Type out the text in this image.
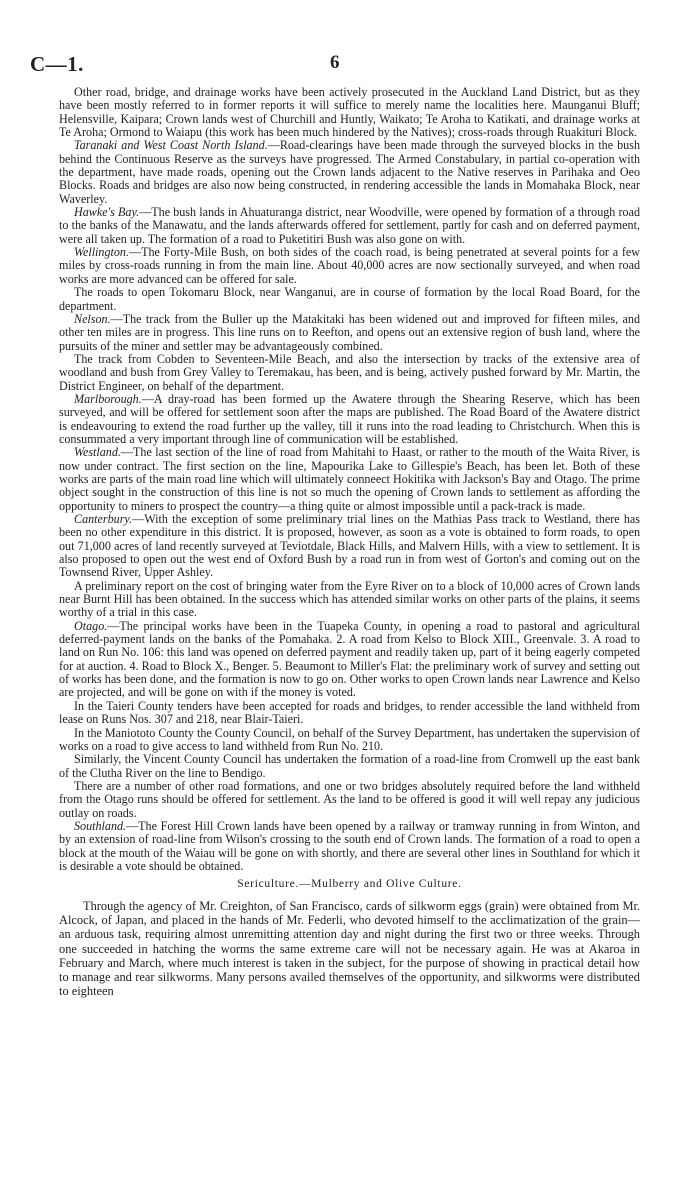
C—1.	6

Other road, bridge, and drainage works have been actively prosecuted in the Auckland Land District, but as they have been mostly referred to in former reports it will suffice to merely name the localities here. Maunganui Bluff; Helensville, Kaipara; Crown lands west of Churchill and Huntly, Waikato; Te Aroha to Katikati, and drainage works at Te Aroha; Ormond to Waiapu (this work has been much hindered by the Natives); cross-roads through Ruakituri Block.

Taranaki and West Coast North Island.—Road-clearings have been made through the surveyed blocks in the bush behind the Continuous Reserve as the surveys have progressed. The Armed Constabulary, in partial co-operation with the department, have made roads, opening out the Crown lands adjacent to the Native reserves in Parihaka and Oeo Blocks. Roads and bridges are also now being constructed, in rendering accessible the lands in Momahaka Block, near Waverley.

Hawke's Bay.—The bush lands in Ahuaturanga district, near Woodville, were opened by formation of a through road to the banks of the Manawatu, and the lands afterwards offered for settlement, partly for cash and on deferred payment, were all taken up. The formation of a road to Puketitiri Bush was also gone on with.

Wellington.—The Forty-Mile Bush, on both sides of the coach road, is being penetrated at several points for a few miles by cross-roads running in from the main line. About 40,000 acres are now sectionally surveyed, and when road works are more advanced can be offered for sale.

The roads to open Tokomaru Block, near Wanganui, are in course of formation by the local Road Board, for the department.

Nelson.—The track from the Buller up the Matakitaki has been widened out and improved for fifteen miles, and other ten miles are in progress. This line runs on to Reefton, and opens out an extensive region of bush land, where the pursuits of the miner and settler may be advantageously combined.

The track from Cobden to Seventeen-Mile Beach, and also the intersection by tracks of the extensive area of woodland and bush from Grey Valley to Teremakau, has been, and is being, actively pushed forward by Mr. Martin, the District Engineer, on behalf of the department.

Marlborough.—A dray-road has been formed up the Awatere through the Shearing Reserve, which has been surveyed, and will be offered for settlement soon after the maps are published. The Road Board of the Awatere district is endeavouring to extend the road further up the valley, till it runs into the road leading to Christchurch. When this is consummated a very important through line of communication will be established.

Westland.—The last section of the line of road from Mahitahi to Haast, or rather to the mouth of the Waita River, is now under contract. The first section on the line, Mapourika Lake to Gillespie's Beach, has been let. Both of these works are parts of the main road line which will ultimately conneect Hokitika with Jackson's Bay and Otago. The prime object sought in the construction of this line is not so much the opening of Crown lands to settlement as affording the opportunity to miners to prospect the country—a thing quite or almost impossible until a pack-track is made.

Canterbury.—With the exception of some preliminary trial lines on the Mathias Pass track to Westland, there has been no other expenditure in this district. It is proposed, however, as soon as a vote is obtained to form roads, to open out 71,000 acres of land recently surveyed at Teviotdale, Black Hills, and Malvern Hills, with a view to settlement. It is also proposed to open out the west end of Oxford Bush by a road run in from west of Gorton's and coming out on the Townsend River, Upper Ashley.

A preliminary report on the cost of bringing water from the Eyre River on to a block of 10,000 acres of Crown lands near Burnt Hill has been obtained. In the success which has attended similar works on other parts of the plains, it seems worthy of a trial in this case.

Otago.—The principal works have been in the Tuapeka County, in opening a road to pastoral and agricultural deferred-payment lands on the banks of the Pomahaka. 2. A road from Kelso to Block XIII., Greenvale. 3. A road to land on Run No. 106: this land was opened on deferred payment and readily taken up, part of it being eagerly competed for at auction. 4. Road to Block X., Benger. 5. Beaumont to Miller's Flat: the preliminary work of survey and setting out of works has been done, and the formation is now to go on. Other works to open Crown lands near Lawrence and Kelso are projected, and will be gone on with if the money is voted.

In the Taieri County tenders have been accepted for roads and bridges, to render accessible the land withheld from lease on Runs Nos. 307 and 218, near Blair-Taieri.

In the Maniototo County the County Council, on behalf of the Survey Department, has undertaken the supervision of works on a road to give access to land withheld from Run No. 210.

Similarly, the Vincent County Council has undertaken the formation of a road-line from Cromwell up the east bank of the Clutha River on the line to Bendigo.

There are a number of other road formations, and one or two bridges absolutely required before the land withheld from the Otago runs should be offered for settlement. As the land to be offered is good it will well repay any judicious outlay on roads.

Southland.—The Forest Hill Crown lands have been opened by a railway or tramway running in from Winton, and by an extension of road-line from Wilson's crossing to the south end of Crown lands. The formation of a road to open a block at the mouth of the Waiau will be gone on with shortly, and there are several other lines in Southland for which it is desirable a vote should be obtained.

Sericulture.—Mulberry and Olive Culture.

Through the agency of Mr. Creighton, of San Francisco, cards of silkworm eggs (grain) were obtained from Mr. Alcock, of Japan, and placed in the hands of Mr. Federli, who devoted himself to the acclimatization of the grain—an arduous task, requiring almost unremitting attention day and night during the first two or three weeks. Through one succeeded in hatching the worms the same extreme care will not be necessary again. He was at Akaroa in February and March, where much interest is taken in the subject, for the purpose of showing in practical detail how to manage and rear silkworms. Many persons availed themselves of the opportunity, and silkworms were distributed to eighteen
